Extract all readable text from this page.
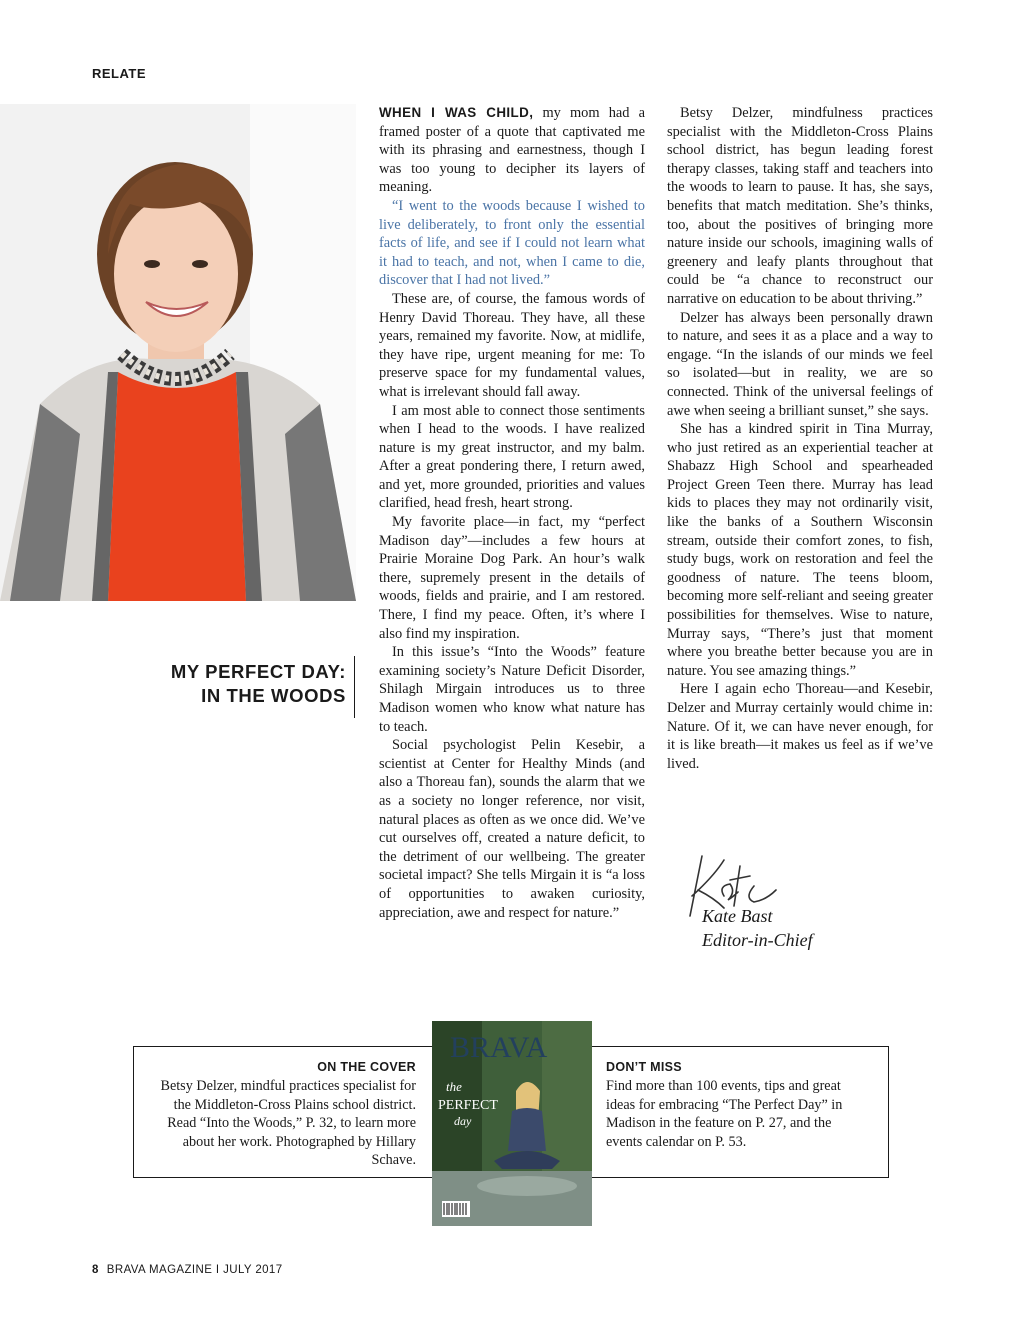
RELATE
MY PERFECT DAY:
IN THE WOODS

WHEN I WAS CHILD, my mom had a framed poster of a quote that captivated me with its phrasing and earnestness, though I was too young to decipher its layers of meaning.

“I went to the woods because I wished to live deliberately, to front only the essential facts of life, and see if I could not learn what it had to teach, and not, when I came to die, discover that I had not lived.”

These are, of course, the famous words of Henry David Thoreau. They have, all these years, remained my favorite. Now, at midlife, they have ripe, urgent meaning for me: To preserve space for my fundamental values, what is irrelevant should fall away.

I am most able to connect those sentiments when I head to the woods. I have realized nature is my great instructor, and my balm. After a great pondering there, I return awed, and yet, more grounded, priorities and values clarified, head fresh, heart strong.

My favorite place—in fact, my “perfect Madison day”—includes a few hours at Prairie Moraine Dog Park. An hour’s walk there, supremely present in the details of woods, fields and prairie, and I am restored. There, I find my peace. Often, it’s where I also find my inspiration.

In this issue’s “Into the Woods” feature examining society’s Nature Deficit Disorder, Shilagh Mirgain introduces us to three Madison women who know what nature has to teach.

Social psychologist Pelin Kesebir, a scientist at Center for Healthy Minds (and also a Thoreau fan), sounds the alarm that we as a society no longer reference, nor visit, natural places as often as we once did. We’ve cut ourselves off, created a nature deficit, to the detriment of our wellbeing. The greater societal impact? She tells Mirgain it is “a loss of opportunities to awaken curiosity, appreciation, awe and respect for nature.”

Betsy Delzer, mindfulness practices specialist with the Middleton-Cross Plains school district, has begun leading forest therapy classes, taking staff and teachers into the woods to learn to pause. It has, she says, benefits that match meditation. She’s thinks, too, about the positives of bringing more nature inside our schools, imagining walls of greenery and leafy plants throughout that could be “a chance to reconstruct our narrative on education to be about thriving.”

Delzer has always been personally drawn to nature, and sees it as a place and a way to engage. “In the islands of our minds we feel so isolated—but in reality, we are so connected. Think of the universal feelings of awe when seeing a brilliant sunset,” she says.

She has a kindred spirit in Tina Murray, who just retired as an experiential teacher at Shabazz High School and spearheaded Project Green Teen there. Murray has lead kids to places they may not ordinarily visit, like the banks of a Southern Wisconsin stream, outside their comfort zones, to fish, study bugs, work on restoration and feel the goodness of nature. The teens bloom, becoming more self-reliant and seeing greater possibilities for themselves. Wise to nature, Murray says, “There’s just that moment where you breathe better because you are in nature. You see amazing things.”

Here I again echo Thoreau—and Kesebir, Delzer and Murray certainly would chime in: Nature. Of it, we can have never enough, for it is like breath—it makes us feel as if we’ve lived.

Kate Bast
Editor-in-Chief
ON THE COVER
Betsy Delzer, mindful practices specialist for the Middleton-Cross Plains school district. Read “Into the Woods,” P. 32, to learn more about her work. Photographed by Hillary Schave.
DON’T MISS
Find more than 100 events, tips and great ideas for embracing “The Perfect Day” in Madison in the feature on P. 27, and the events calendar on P. 53.
BRAVA
the
PERFECT
day
8 BRAVA MAGAZINE I JULY 2017
